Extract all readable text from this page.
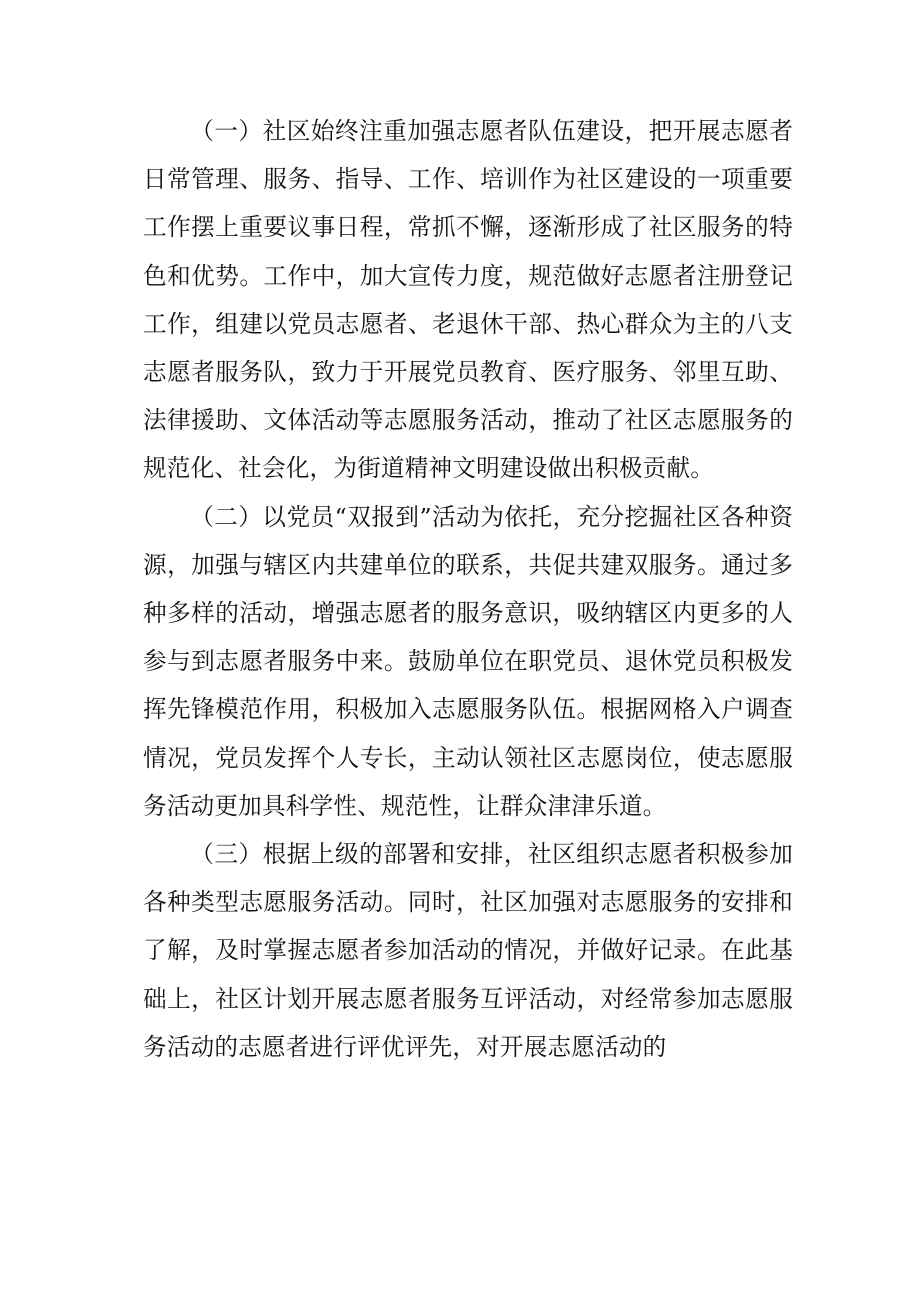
（一）社区始终注重加强志愿者队伍建设，把开展志愿者日常管理、服务、指导、工作、培训作为社区建设的一项重要工作摆上重要议事日程，常抓不懈，逐渐形成了社区服务的特色和优势。工作中，加大宣传力度，规范做好志愿者注册登记工作，组建以党员志愿者、老退休干部、热心群众为主的八支志愿者服务队，致力于开展党员教育、医疗服务、邻里互助、法律援助、文体活动等志愿服务活动，推动了社区志愿服务的规范化、社会化，为街道精神文明建设做出积极贡献。

（二）以党员“双报到”活动为依托，充分挖掘社区各种资源，加强与辖区内共建单位的联系，共促共建双服务。通过多种多样的活动，增强志愿者的服务意识，吸纳辖区内更多的人参与到志愿者服务中来。鼓励单位在职党员、退休党员积极发挥先锋模范作用，积极加入志愿服务队伍。根据网格入户调查情况，党员发挥个人专长，主动认领社区志愿岗位，使志愿服务活动更加具科学性、规范性，让群众津津乐道。

（三）根据上级的部署和安排，社区组织志愿者积极参加各种类型志愿服务活动。同时，社区加强对志愿服务的安排和了解，及时掌握志愿者参加活动的情况，并做好记录。在此基础上，社区计划开展志愿者服务互评活动，对经常参加志愿服务活动的志愿者进行评优评先，对开展志愿活动的
